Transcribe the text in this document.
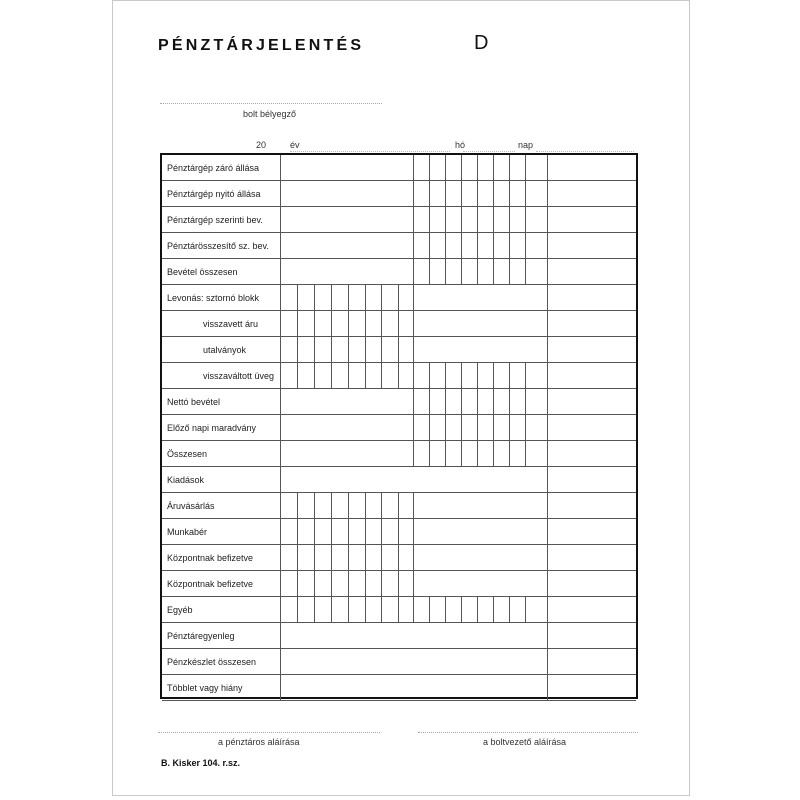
PÉNZTÁRJELENTÉS	D
bolt bélyegző
20	év	hó	nap
Pénztárgép záró állása
Pénztárgép nyitó állása
Pénztárgép szerinti bev.
Pénztárösszesítő sz. bev.
Bevétel összesen
Levonás: sztornó blokk
visszavett áru
utalványok
visszaváltott üveg
Nettó bevétel
Előző napi maradvány
Összesen
Kiadások
Áruvásárlás
Munkabér
Központnak befizetve
Központnak befizetve
Egyéb
Pénztáregyenleg
Pénzkészlet összesen
Többlet vagy hiány
a pénztáros aláírása	a boltvezető aláírása
B. Kisker 104. r.sz.
